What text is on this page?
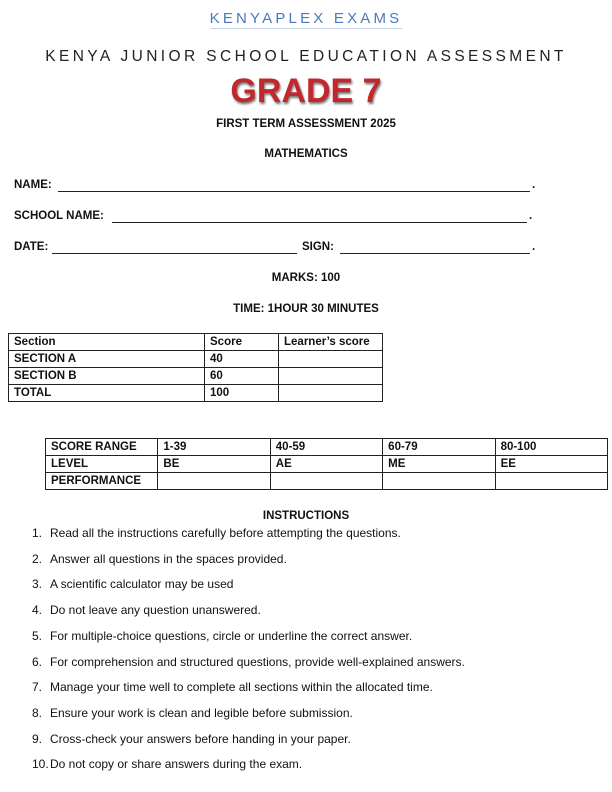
KENYAPLEX EXAMS
KENYA JUNIOR SCHOOL EDUCATION ASSESSMENT
GRADE 7
FIRST TERM ASSESSMENT 2025
MATHEMATICS
NAME:	.
SCHOOL NAME:	.
DATE:	SIGN:	.
MARKS: 100
TIME: 1HOUR 30 MINUTES
Section	Score	Learner’s score
SECTION A	40	
SECTION B	60	
TOTAL	100	
SCORE RANGE	1-39	40-59	60-79	80-100
LEVEL	BE	AE	ME	EE
PERFORMANCE				
INSTRUCTIONS
1. Read all the instructions carefully before attempting the questions.
2. Answer all questions in the spaces provided.
3. A scientific calculator may be used
4. Do not leave any question unanswered.
5. For multiple-choice questions, circle or underline the correct answer.
6. For comprehension and structured questions, provide well-explained answers.
7. Manage your time well to complete all sections within the allocated time.
8. Ensure your work is clean and legible before submission.
9. Cross-check your answers before handing in your paper.
10.Do not copy or share answers during the exam.
